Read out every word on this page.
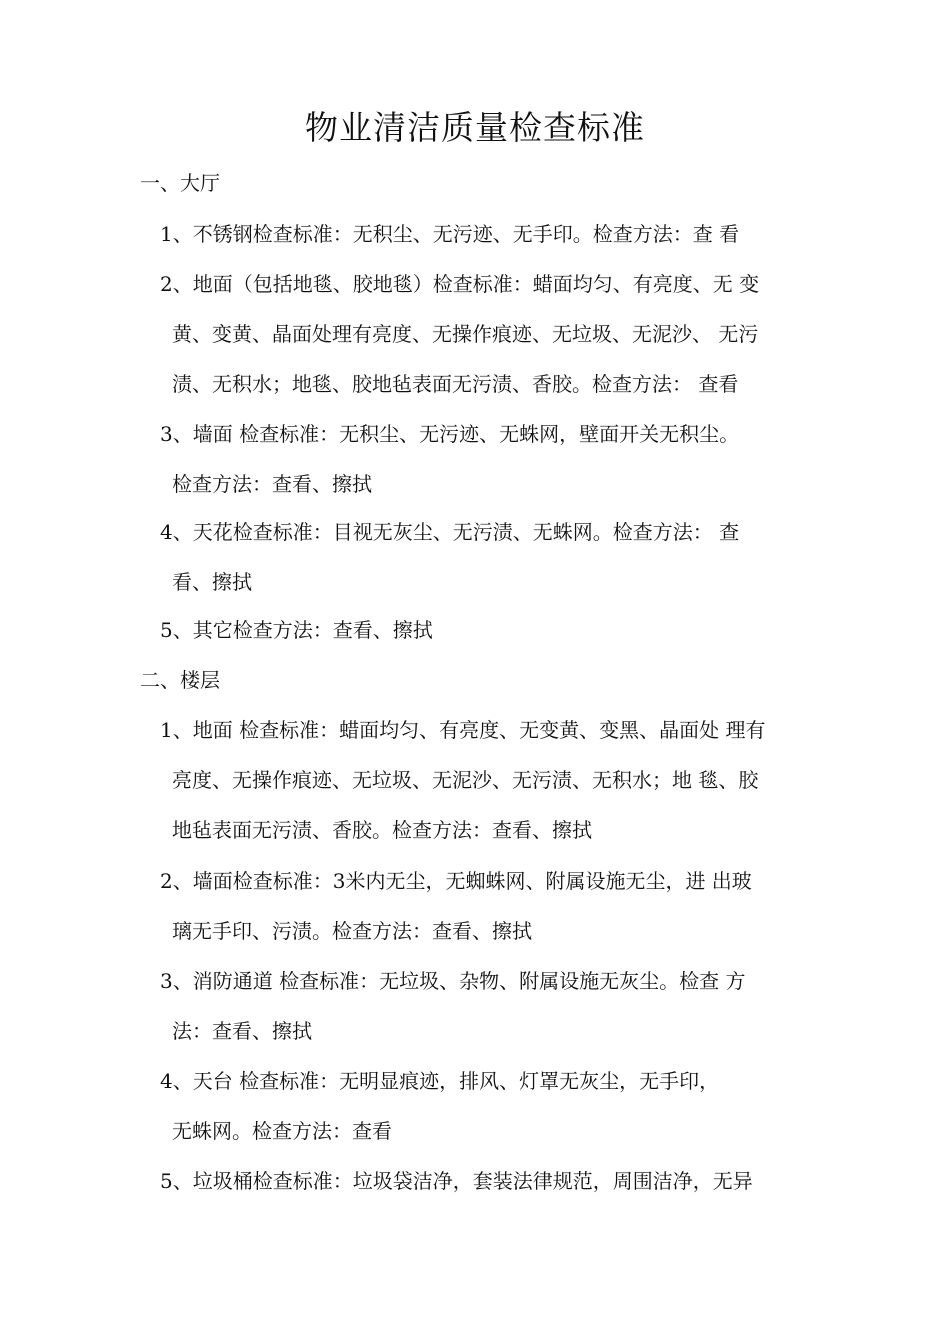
物业清洁质量检查标准
一、大厅
1、不锈钢检查标准：无积尘、无污迹、无手印。检查方法：查 看
2、地面（包括地毯、胶地毯）检查标准：蜡面均匀、有亮度、无 变
黄、变黄、晶面处理有亮度、无操作痕迹、无垃圾、无泥沙、 无污
渍、无积水；地毯、胶地毡表面无污渍、香胶。检查方法： 查看
3、墙面 检查标准：无积尘、无污迹、无蛛网，壁面开关无积尘。
检查方法：查看、擦拭
4、天花检查标准：目视无灰尘、无污渍、无蛛网。检查方法： 查
看、擦拭
5、其它检查方法：查看、擦拭
二、楼层
1、地面 检查标准：蜡面均匀、有亮度、无变黄、变黑、晶面处 理有
亮度、无操作痕迹、无垃圾、无泥沙、无污渍、无积水；地 毯、胶
地毡表面无污渍、香胶。检查方法：查看、擦拭
2、墙面检查标准：3米内无尘，无蜘蛛网、附属设施无尘，进 出玻
璃无手印、污渍。检查方法：查看、擦拭
3、消防通道 检查标准：无垃圾、杂物、附属设施无灰尘。检查 方
法：查看、擦拭
4、天台 检查标准：无明显痕迹，排风、灯罩无灰尘，无手印，
无蛛网。检查方法：查看
5、垃圾桶检查标准：垃圾袋洁净，套装法律规范，周围洁净，无异
